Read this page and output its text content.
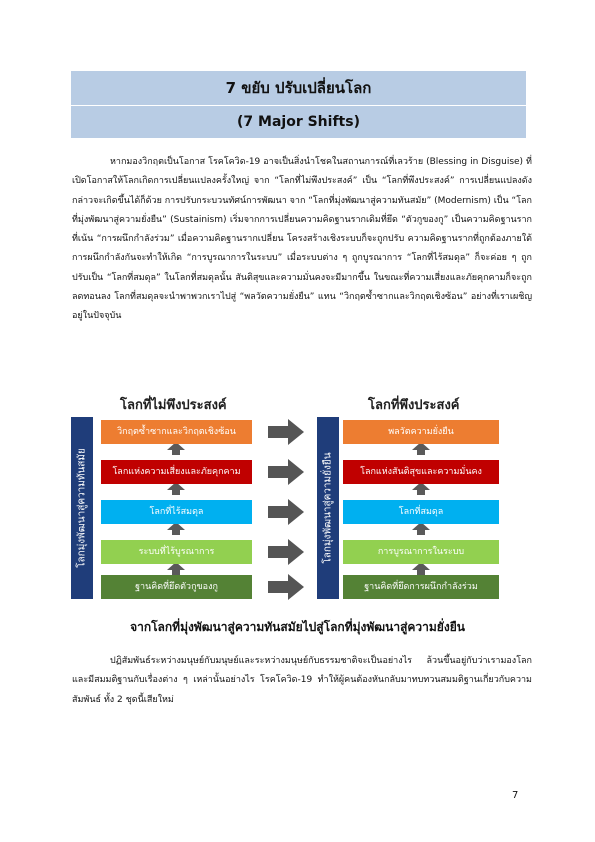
7 ขยับ ปรับเปลี่ยนโลก
(7 Major Shifts)

หากมองวิกฤตเป็นโอกาส โรคโควิด-19 อาจเป็นสิ่งนำโชคในสถานการณ์ที่เลวร้าย (Blessing in Disguise) ที่เปิดโอกาสให้โลกเกิดการเปลี่ยนแปลงครั้งใหญ่ จาก “โลกที่ไม่พึงประสงค์” เป็น “โลกที่พึงประสงค์” การเปลี่ยนแปลงดังกล่าวจะเกิดขึ้นได้ก็ด้วย การปรับกระบวนทัศน์การพัฒนา จาก “โลกที่มุ่งพัฒนาสู่ความทันสมัย” (Modernism) เป็น “โลกที่มุ่งพัฒนาสู่ความยั่งยืน” (Sustainism) เริ่มจากการเปลี่ยนความคิดฐานรากเดิมที่ยึด “ตัวกูของกู” เป็นความคิดฐานรากที่เน้น “การผนึกกำลังร่วม” เมื่อความคิดฐานรากเปลี่ยน โครงสร้างเชิงระบบก็จะถูกปรับ ความคิดฐานรากที่ถูกต้องภายใต้การผนึกกำลังกันจะทำให้เกิด “การบูรณาการในระบบ” เมื่อระบบต่าง ๆ ถูกบูรณาการ “โลกที่ไร้สมดุล” ก็จะค่อย ๆ ถูกปรับเป็น “โลกที่สมดุล” ในโลกที่สมดุลนั้น สันติสุขและความมั่นคงจะมีมากขึ้น ในขณะที่ความเสี่ยงและภัยคุกคามก็จะถูกลดทอนลง โลกที่สมดุลจะนำพาพวกเราไปสู่ “พลวัตความยั่งยืน” แทน “วิกฤตซ้ำซากและวิกฤตเชิงซ้อน” อย่างที่เราเผชิญอยู่ในปัจจุบัน

โลกที่ไม่พึงประสงค์	โลกที่พึงประสงค์
โลกมุ่งพัฒนาสู่ความทันสมัย	โลกมุ่งพัฒนาสู่ความยั่งยืน
วิกฤตซ้ำซากและวิกฤตเชิงซ้อน
โลกแห่งความเสี่ยงและภัยคุกคาม
โลกที่ไร้สมดุล
ระบบที่ไร้บูรณาการ
ฐานคิดที่ยึดตัวกูของกู
พลวัตความยั่งยืน
โลกแห่งสันติสุขและความมั่นคง
โลกที่สมดุล
การบูรณาการในระบบ
ฐานคิดที่ยึดการผนึกกำลังร่วม
จากโลกที่มุ่งพัฒนาสู่ความทันสมัยไปสู่โลกที่มุ่งพัฒนาสู่ความยั่งยืน

ปฏิสัมพันธ์ระหว่างมนุษย์กับมนุษย์และระหว่างมนุษย์กับธรรมชาติจะเป็นอย่างไร ล้วนขึ้นอยู่กับว่าเรามองโลกและมีสมมติฐานกับเรื่องต่าง ๆ เหล่านั้นอย่างไร โรคโควิด-19 ทำให้ผู้คนต้องหันกลับมาทบทวนสมมติฐานเกี่ยวกับความสัมพันธ์ ทั้ง 2 ชุดนี้เสียใหม่

7
